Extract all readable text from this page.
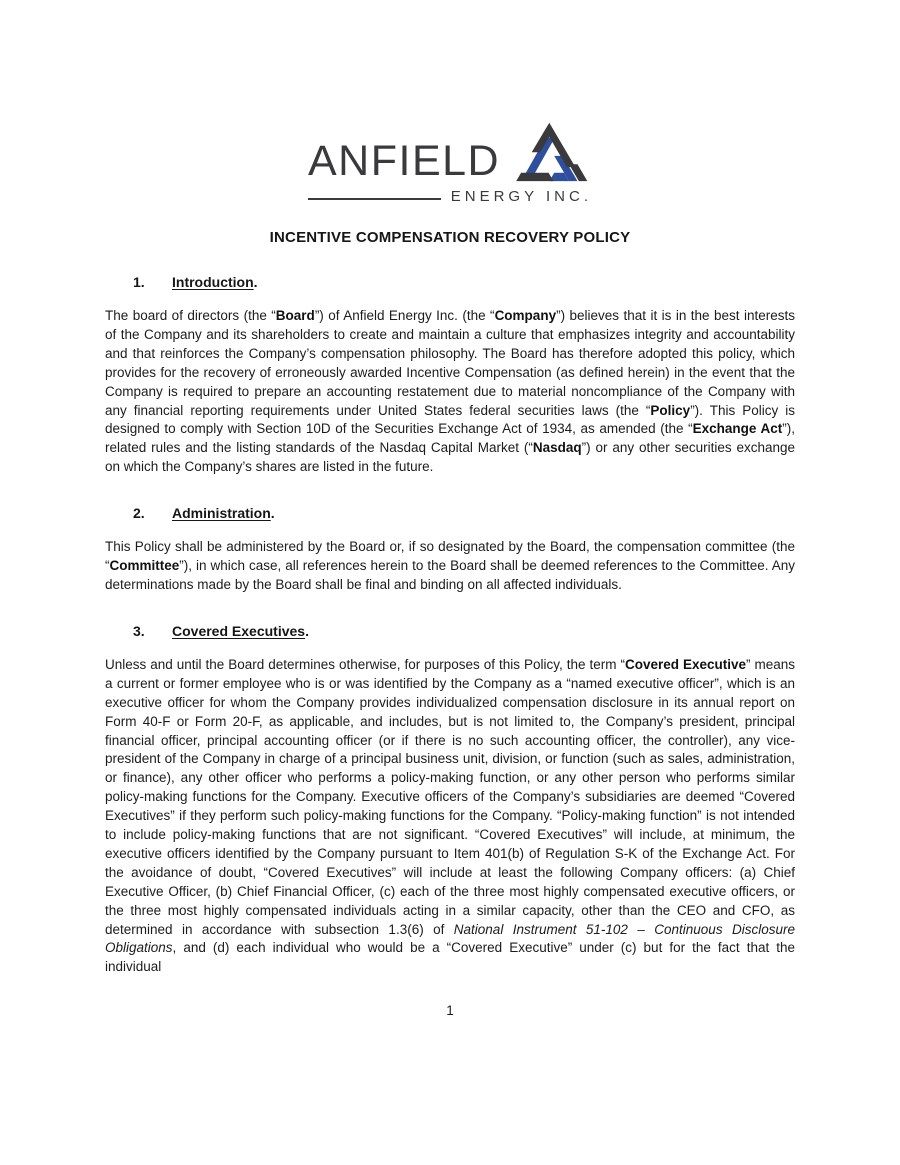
ANFIELD
ENERGY INC.
INCENTIVE COMPENSATION RECOVERY POLICY
1. Introduction.

The board of directors (the “Board”) of Anfield Energy Inc. (the “Company”) believes that it is in the best interests of the Company and its shareholders to create and maintain a culture that emphasizes integrity and accountability and that reinforces the Company’s compensation philosophy. The Board has therefore adopted this policy, which provides for the recovery of erroneously awarded Incentive Compensation (as defined herein) in the event that the Company is required to prepare an accounting restatement due to material noncompliance of the Company with any financial reporting requirements under United States federal securities laws (the “Policy”). This Policy is designed to comply with Section 10D of the Securities Exchange Act of 1934, as amended (the “Exchange Act”), related rules and the listing standards of the Nasdaq Capital Market (“Nasdaq”) or any other securities exchange on which the Company’s shares are listed in the future.

2. Administration.

This Policy shall be administered by the Board or, if so designated by the Board, the compensation committee (the “Committee”), in which case, all references herein to the Board shall be deemed references to the Committee. Any determinations made by the Board shall be final and binding on all affected individuals.

3. Covered Executives.

Unless and until the Board determines otherwise, for purposes of this Policy, the term “Covered Executive” means a current or former employee who is or was identified by the Company as a “named executive officer”, which is an executive officer for whom the Company provides individualized compensation disclosure in its annual report on Form 40-F or Form 20-F, as applicable, and includes, but is not limited to, the Company’s president, principal financial officer, principal accounting officer (or if there is no such accounting officer, the controller), any vice-president of the Company in charge of a principal business unit, division, or function (such as sales, administration, or finance), any other officer who performs a policy-making function, or any other person who performs similar policy-making functions for the Company. Executive officers of the Company’s subsidiaries are deemed “Covered Executives” if they perform such policy-making functions for the Company. “Policy-making function” is not intended to include policy-making functions that are not significant. “Covered Executives” will include, at minimum, the executive officers identified by the Company pursuant to Item 401(b) of Regulation S-K of the Exchange Act. For the avoidance of doubt, “Covered Executives” will include at least the following Company officers: (a) Chief Executive Officer, (b) Chief Financial Officer, (c) each of the three most highly compensated executive officers, or the three most highly compensated individuals acting in a similar capacity, other than the CEO and CFO, as determined in accordance with subsection 1.3(6) of National Instrument 51-102 – Continuous Disclosure Obligations, and (d) each individual who would be a “Covered Executive” under (c) but for the fact that the individual

1
